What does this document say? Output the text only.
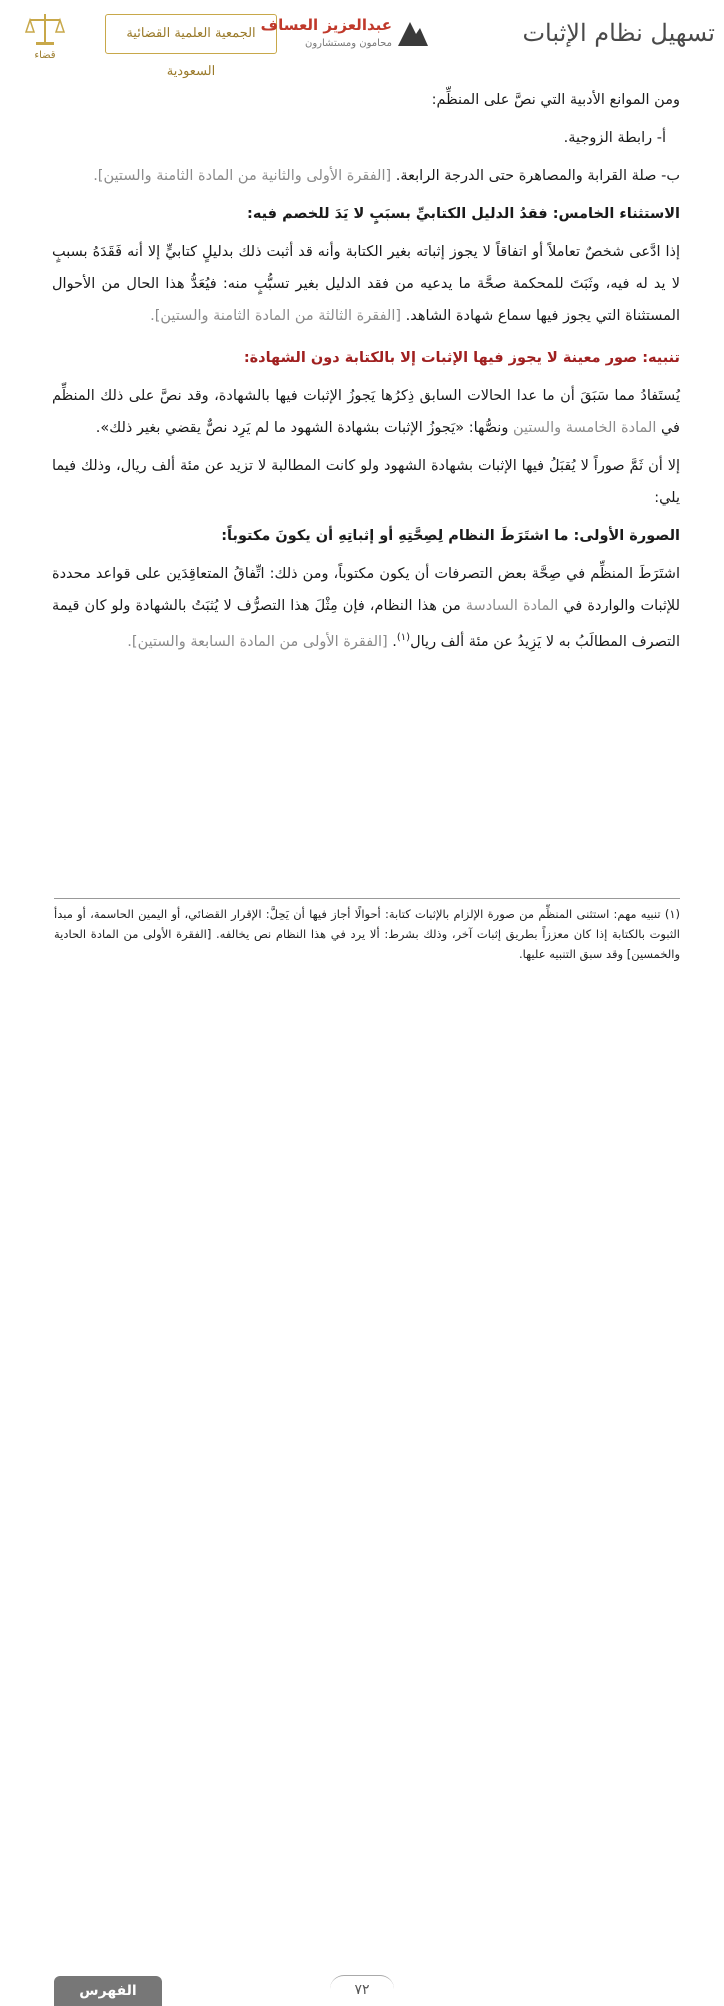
قضاء
الجمعية العلمية القضائية السعودية
عبدالعزيز العساف
محامون ومستشارون	تسهيل نظام الإثبات

ومن الموانع الأدبية التي نصَّ على المنظِّم:

أ- رابطة الزوجية.

ب- صلة القرابة والمصاهرة حتى الدرجة الرابعة. [الفقرة الأولى والثانية من المادة الثامنة والستين].

الاستثناء الخامس: فقدُ الدليل الكتابيِّ بسبَبٍ لا يَدَ للخصم فيه:

إذا ادَّعى شخصٌ تعاملاً أو اتفاقاً لا يجوز إثباته بغير الكتابة وأنه قد أثبت ذلك بدليلٍ كتابيٍّ إلا أنه فَقَدَهُ بسببٍ لا يد له فيه، وثَبَتَ للمحكمة صحَّة ما يدعيه من فقد الدليل بغير تسبُّبٍ منه: فيُعَدُّ هذا الحال من الأحوال المستثناة التي يجوز فيها سماع شهادة الشاهد. [الفقرة الثالثة من المادة الثامنة والستين].

تنبيه: صور معينة لا يجوز فيها الإثبات إلا بالكتابة دون الشهادة:

يُستَفادُ مما سَبَقَ أن ما عدا الحالات السابق ذِكرُها يَجوزُ الإثبات فيها بالشهادة، وقد نصَّ على ذلك المنظِّم في المادة الخامسة والستين ونصُّها: «يَجوزُ الإثبات بشهادة الشهود ما لم يَرِد نصٌّ يقضي بغير ذلك».

إلا أن ثَمَّ صوراً لا يُقبَلُ فيها الإثبات بشهادة الشهود ولو كانت المطالبة لا تزيد عن مئة ألف ريال، وذلك فيما يلي:

الصورة الأولى: ما اشتَرَطَ النظام لِصِحَّتِهِ أو إثباتِهِ أن يكونَ مكتوباً:

اشتَرَطَ المنظِّم في صِحَّة بعض التصرفات أن يكون مكتوباً، ومن ذلك: اتِّفاقُ المتعاقِدَين على قواعد محددة للإثبات والواردة في المادة السادسة من هذا النظام، فإن مِثْلَ هذا التصرُّف لا يُثبَتُ بالشهادة ولو كان قيمة التصرف المطالَبُ به لا يَزِيدُ عن مئة ألف ريال$^{(١)}$. [الفقرة الأولى من المادة السابعة والستين].

(١) تنبيه مهم: استثنى المنظِّم من صورة الإلزام بالإثبات كتابة: أحوالًا أجاز فيها أن يَحِلَّ: الإقرار القضائي، أو اليمين الحاسمة، أو مبدأ الثبوت بالكتابة إذا كان معززاً بطريق إثبات آخر، وذلك بشرط: ألا يرد في هذا النظام نص يخالفه. [الفقرة الأولى من المادة الحادية والخمسين] وقد سبق التنبيه عليها.
الفهرس	٧٢
